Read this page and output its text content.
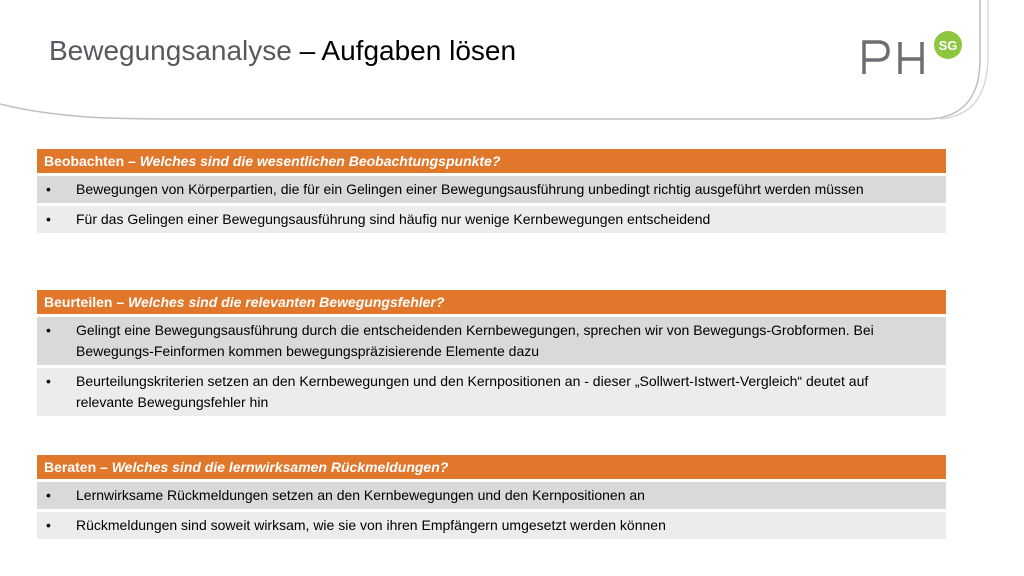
Bewegungsanalyse – Aufgaben lösen	SG
Beobachten – Welches sind die wesentlichen Beobachtungspunkte?
• Bewegungen von Körperpartien, die für ein Gelingen einer Bewegungsausführung unbedingt richtig ausgeführt werden müssen
• Für das Gelingen einer Bewegungsausführung sind häufig nur wenige Kernbewegungen entscheidend
Beurteilen – Welches sind die relevanten Bewegungsfehler?
• Gelingt eine Bewegungsausführung durch die entscheidenden Kernbewegungen, sprechen wir von Bewegungs-Grobformen. Bei Bewegungs-Feinformen kommen bewegungspräzisierende Elemente dazu
• Beurteilungskriterien setzen an den Kernbewegungen und den Kernpositionen an - dieser „Sollwert-Istwert-Vergleich“ deutet auf relevante Bewegungsfehler hin
Beraten – Welches sind die lernwirksamen Rückmeldungen?
• Lernwirksame Rückmeldungen setzen an den Kernbewegungen und den Kernpositionen an
• Rückmeldungen sind soweit wirksam, wie sie von ihren Empfängern umgesetzt werden können
